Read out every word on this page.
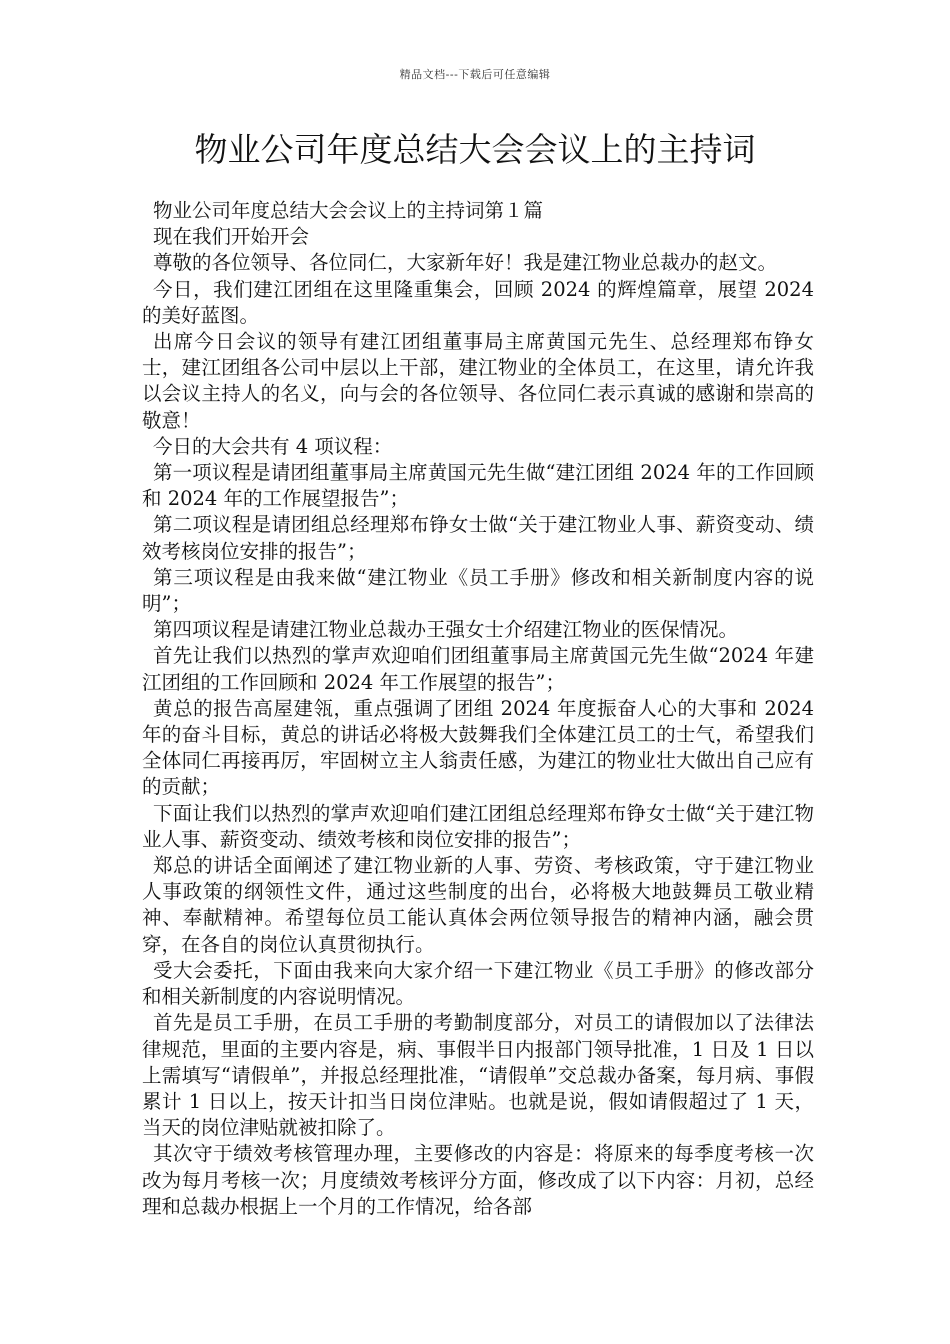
精品文档---下载后可任意编辑
物业公司年度总结大会会议上的主持词

物业公司年度总结大会会议上的主持词第１篇

现在我们开始开会

尊敬的各位领导、各位同仁，大家新年好！我是建江物业总裁办的赵文。

今日，我们建江团组在这里隆重集会，回顾 2024 的辉煌篇章，展望 2024 的美好蓝图。

出席今日会议的领导有建江团组董事局主席黄国元先生、总经理郑布铮女士，建江团组各公司中层以上干部，建江物业的全体员工，在这里，请允许我以会议主持人的名义，向与会的各位领导、各位同仁表示真诚的感谢和崇高的敬意！

今日的大会共有 4 项议程：

第一项议程是请团组董事局主席黄国元先生做“建江团组 2024 年的工作回顾和 2024 年的工作展望报告”；

第二项议程是请团组总经理郑布铮女士做“关于建江物业人事、薪资变动、绩效考核岗位安排的报告”；

第三项议程是由我来做“建江物业《员工手册》修改和相关新制度内容的说明”；

第四项议程是请建江物业总裁办王强女士介绍建江物业的医保情况。

首先让我们以热烈的掌声欢迎咱们团组董事局主席黄国元先生做“2024 年建江团组的工作回顾和 2024 年工作展望的报告”；

黄总的报告高屋建瓴，重点强调了团组 2024 年度振奋人心的大事和 2024 年的奋斗目标，黄总的讲话必将极大鼓舞我们全体建江员工的士气，希望我们全体同仁再接再厉，牢固树立主人翁责任感，为建江的物业壮大做出自己应有的贡献；

下面让我们以热烈的掌声欢迎咱们建江团组总经理郑布铮女士做“关于建江物业人事、薪资变动、绩效考核和岗位安排的报告”；

郑总的讲话全面阐述了建江物业新的人事、劳资、考核政策，守于建江物业人事政策的纲领性文件，通过这些制度的出台，必将极大地鼓舞员工敬业精神、奉献精神。希望每位员工能认真体会两位领导报告的精神内涵，融会贯穿，在各自的岗位认真贯彻执行。

受大会委托，下面由我来向大家介绍一下建江物业《员工手册》的修改部分和相关新制度的内容说明情况。

首先是员工手册，在员工手册的考勤制度部分，对员工的请假加以了法律法律规范，里面的主要内容是，病、事假半日内报部门领导批准，1 日及 1 日以上需填写“请假单”，并报总经理批准，“请假单”交总裁办备案，每月病、事假累计 1 日以上，按天计扣当日岗位津贴。也就是说，假如请假超过了 1 天，当天的岗位津贴就被扣除了。

其次守于绩效考核管理办理，主要修改的内容是：将原来的每季度考核一次改为每月考核一次；月度绩效考核评分方面，修改成了以下内容：月初，总经理和总裁办根据上一个月的工作情况，给各部
